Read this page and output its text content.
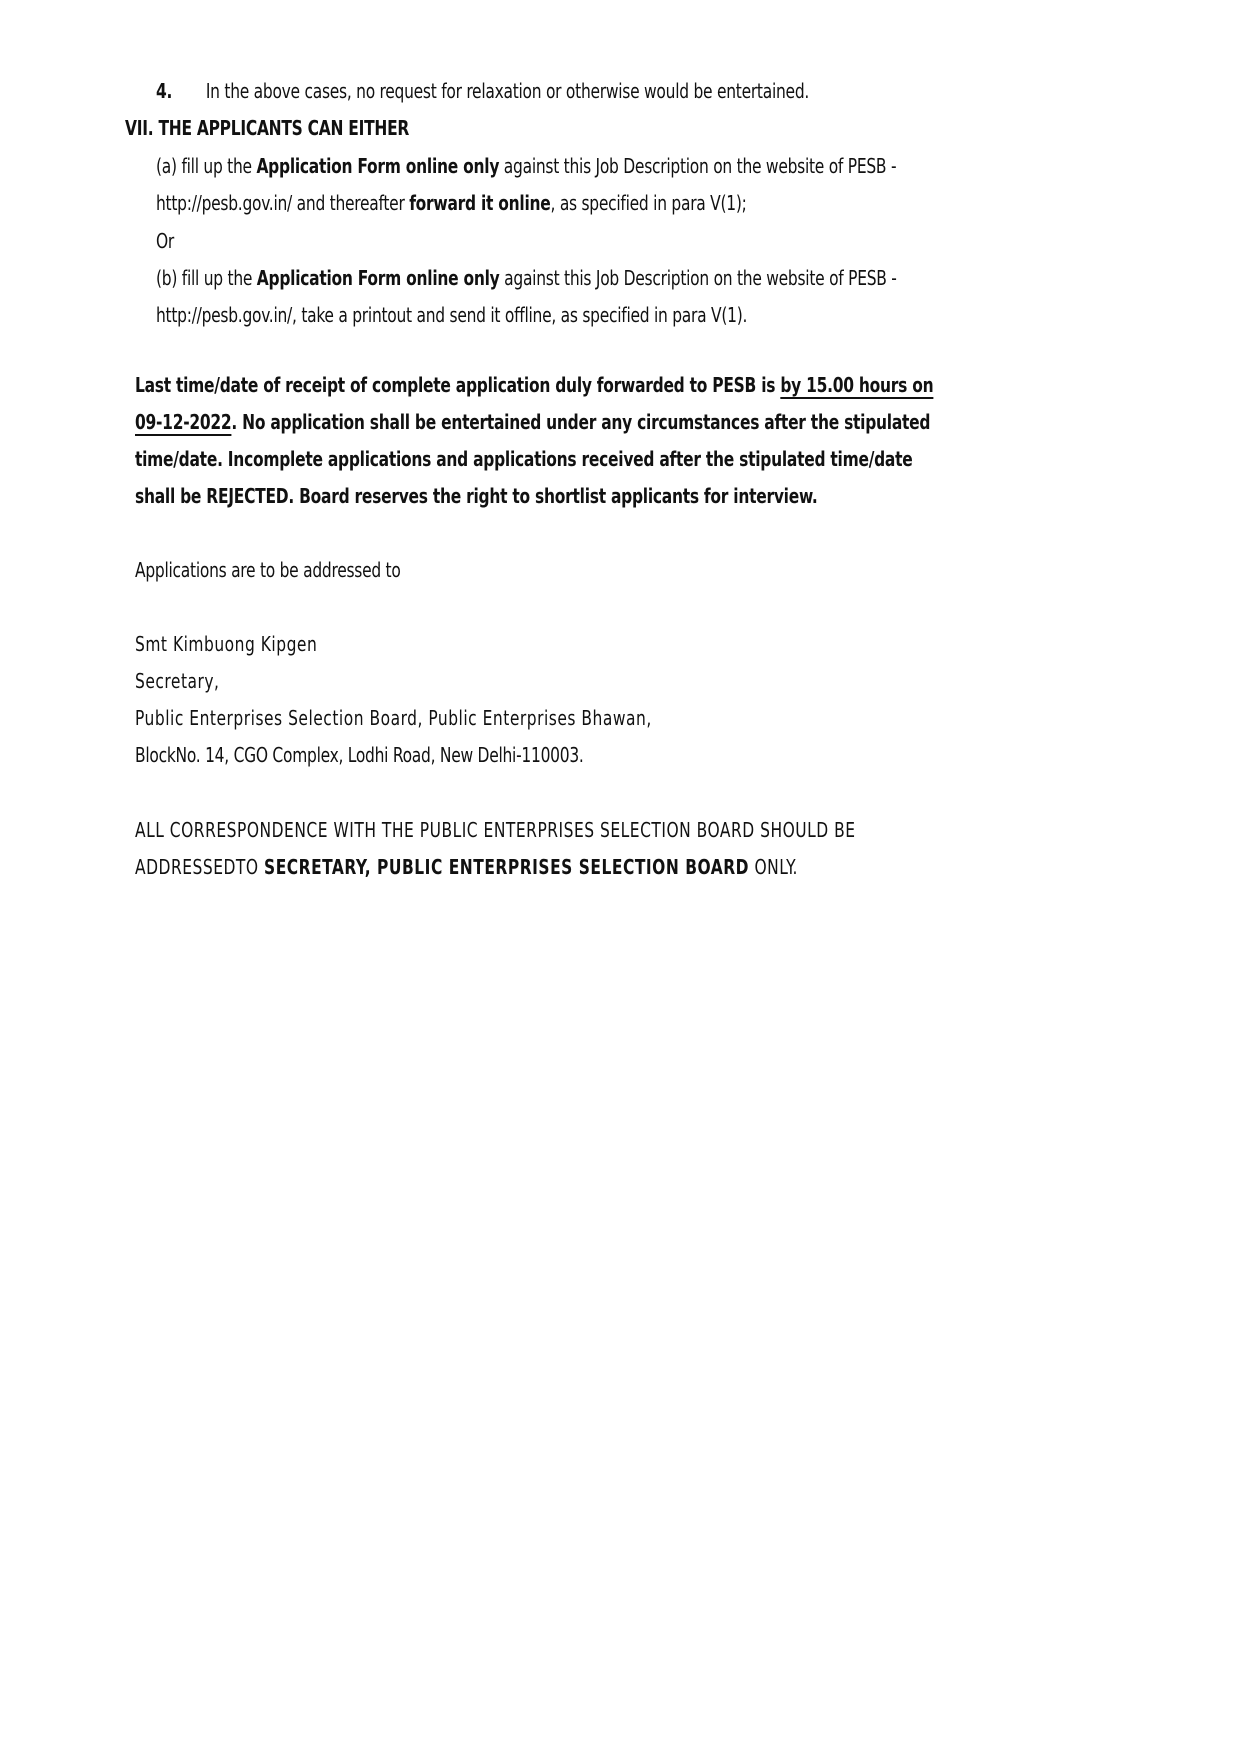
4. In the above cases, no request for relaxation or otherwise would be entertained.
VII. THE APPLICANTS CAN EITHER
(a) fill up the Application Form online only against this Job Description on the website of PESB -
http://pesb.gov.in/ and thereafter forward it online, as specified in para V(1);
Or
(b) fill up the Application Form online only against this Job Description on the website of PESB -
http://pesb.gov.in/, take a printout and send it offline, as specified in para V(1).
Last time/date of receipt of complete application duly forwarded to PESB is by 15.00 hours on
09-12-2022. No application shall be entertained under any circumstances after the stipulated
time/date. Incomplete applications and applications received after the stipulated time/date
shall be REJECTED. Board reserves the right to shortlist applicants for interview.
Applications are to be addressed to
Smt Kimbuong Kipgen
Secretary,
Public Enterprises Selection Board, Public Enterprises Bhawan,
BlockNo. 14, CGO Complex, Lodhi Road, New Delhi-110003.
ALL CORRESPONDENCE WITH THE PUBLIC ENTERPRISES SELECTION BOARD SHOULD BE
ADDRESSEDTO SECRETARY, PUBLIC ENTERPRISES SELECTION BOARD ONLY.
